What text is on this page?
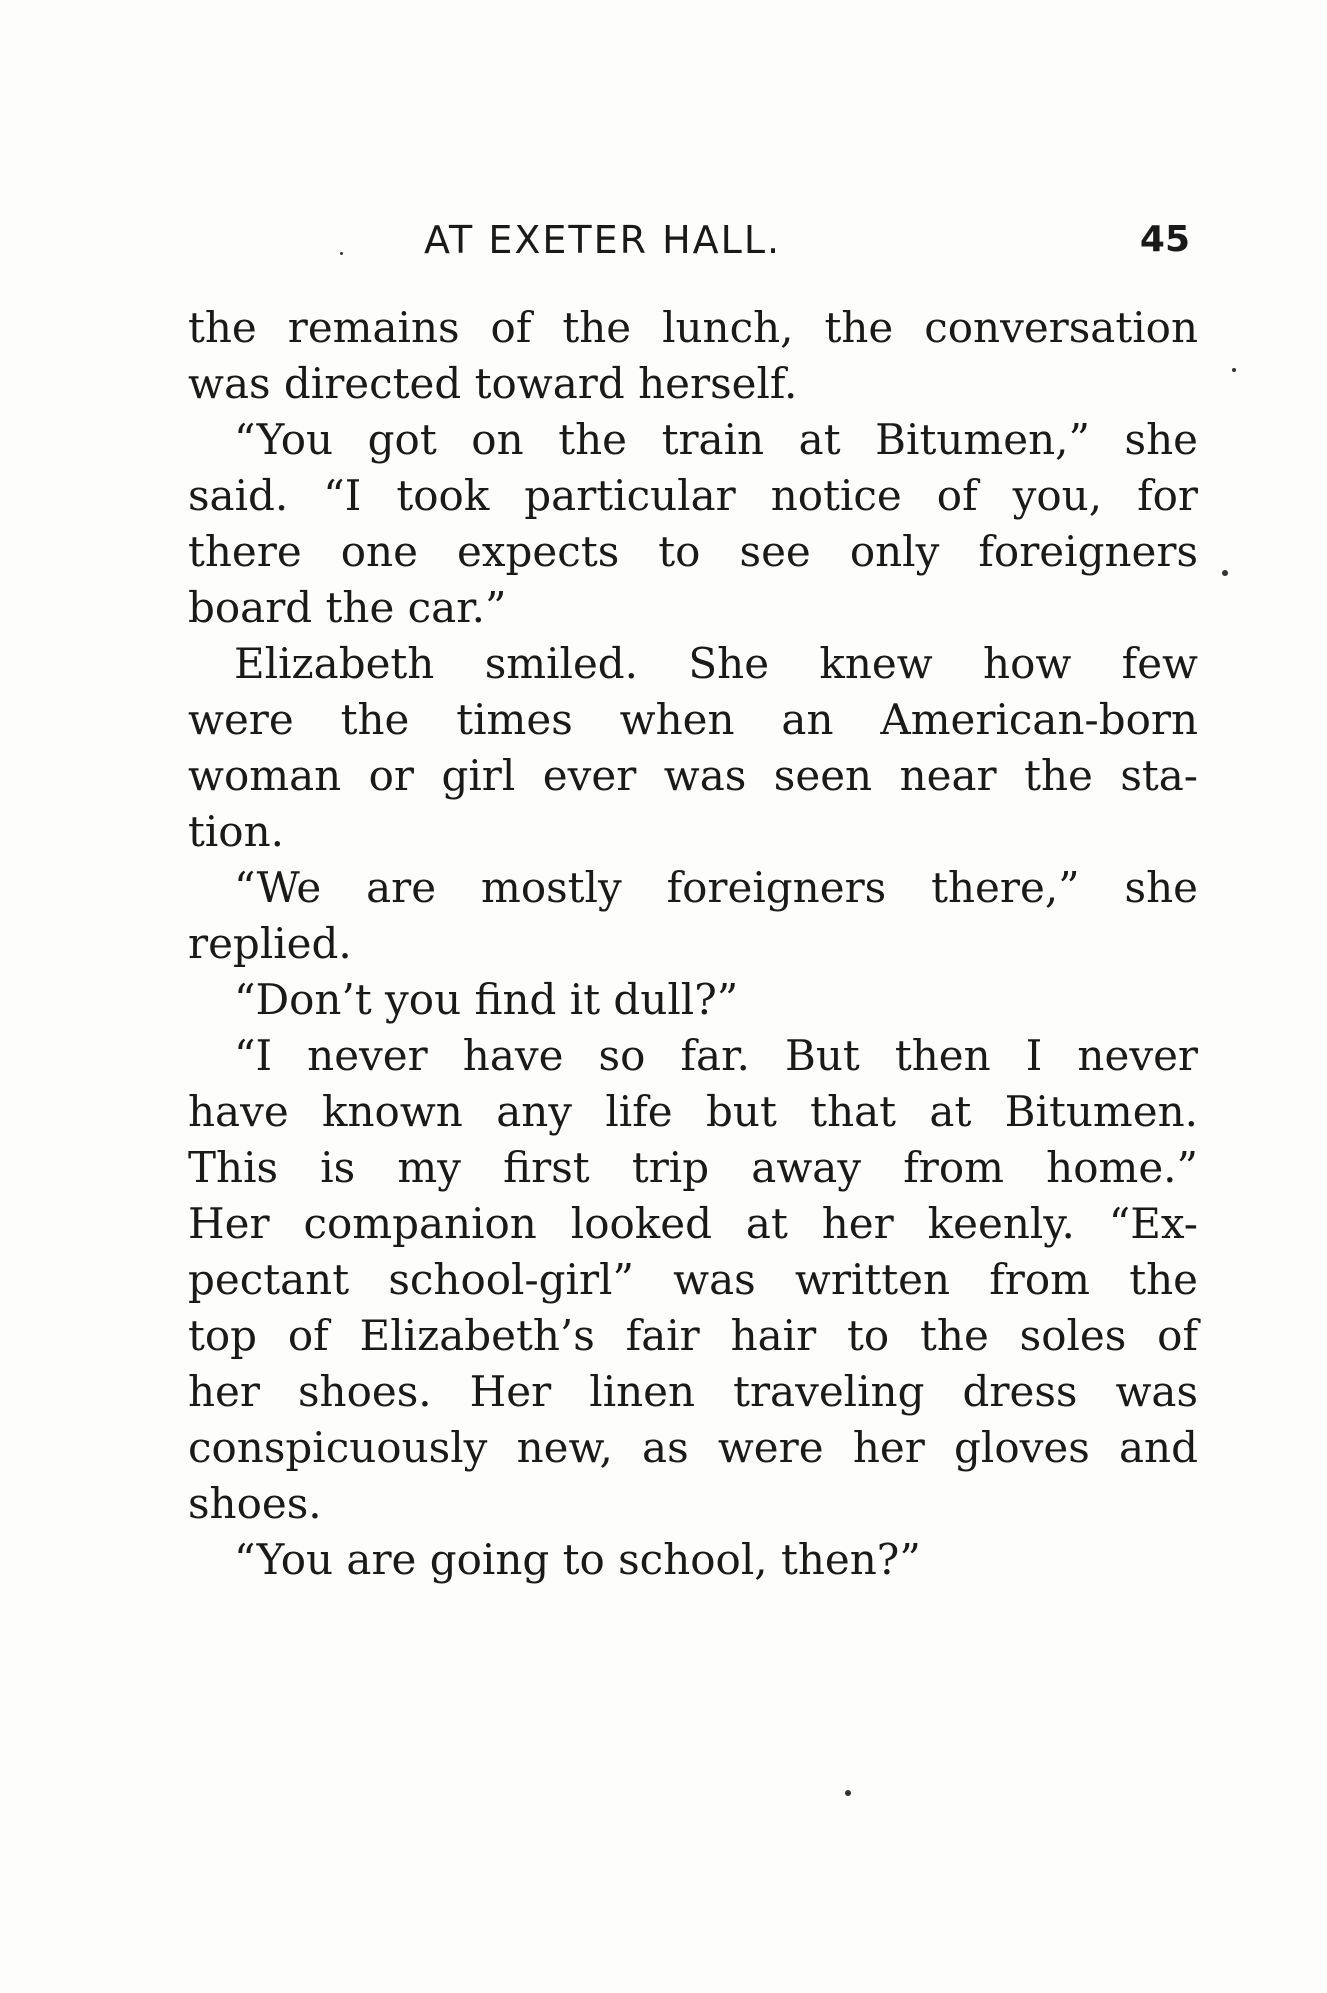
AT EXETER HALL.	45
the remains of the lunch, the conversation
was directed toward herself.
“You got on the train at Bitumen,” she
said. “I took particular notice of you, for
there one expects to see only foreigners
board the car.”
Elizabeth smiled. She knew how few
were the times when an American-born
woman or girl ever was seen near the sta-
tion.
“We are mostly foreigners there,” she
replied.
“Don’t you find it dull?”
“I never have so far. But then I never
have known any life but that at Bitumen.
This is my first trip away from home.”
Her companion looked at her keenly. “Ex-
pectant school-girl” was written from the
top of Elizabeth’s fair hair to the soles of
her shoes. Her linen traveling dress was
conspicuously new, as were her gloves and
shoes.
“You are going to school, then?”
